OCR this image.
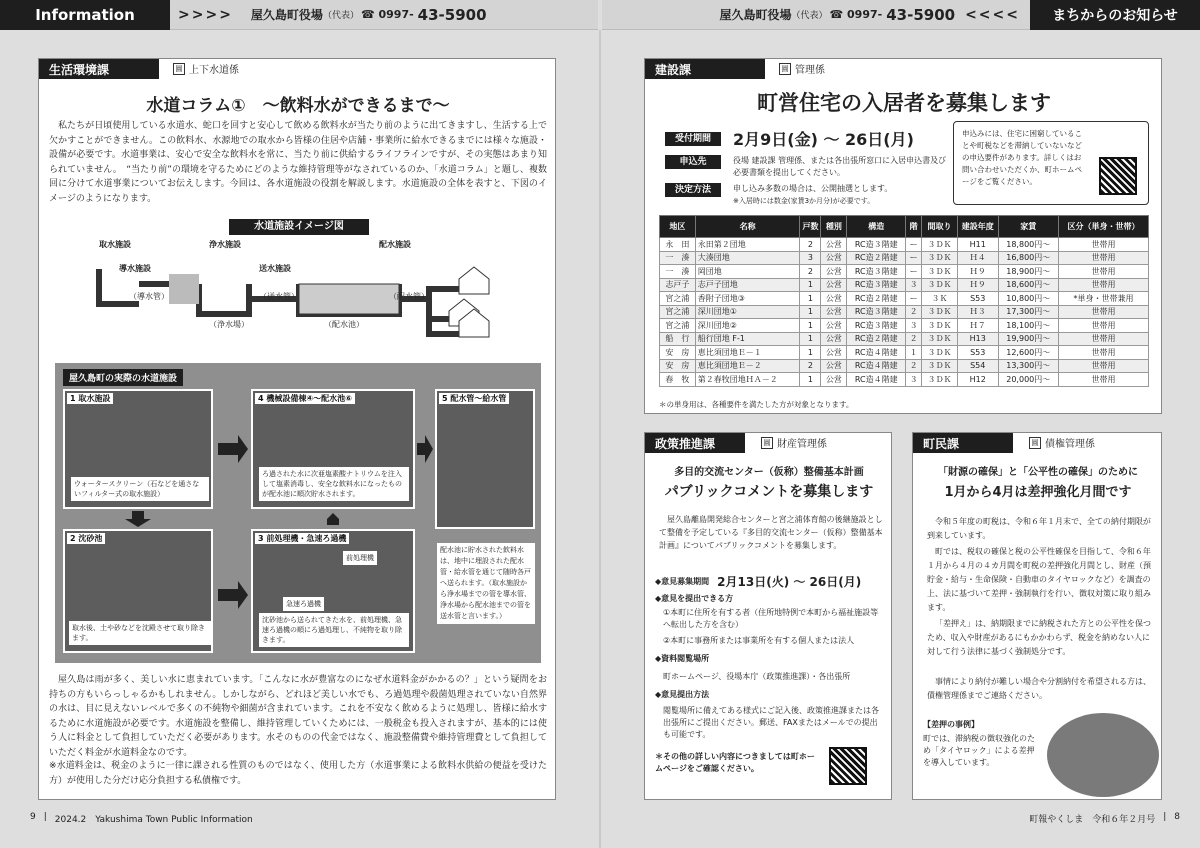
Information	>>>> 屋久島町役場 （代表） ☎ 0997- 43-5900	屋久島町役場 （代表） ☎ 0997- 43-5900 <<<<	まちからのお知らせ
生活環境課	圓 上下水道係
水道コラム①　～飲料水ができるまで～
私たちが日頃使用している水道水、蛇口を回すと安心して飲める飲料水が当たり前のように出てきますし、生活する上で欠かすことができません。この飲料水、水源地での取水から皆様の住居や店舗・事業所に給水できるまでには様々な施設・設備が必要です。水道事業は、安心で安全な飲料水を常に、当たり前に供給するライフラインですが、その実態はあまり知られていません。　“当たり前”の環境を守るためにどのような維持管理等がなされているのか、「水道コラム」と題し、複数回に分けて水道事業についてお伝えします。今回は、各水道施設の役割を解説します。水道施設の全体を表すと、下図のイメージのようになります。
水道施設イメージ図
取水施設	浄水施設	配水施設
導水施設	送水施設
（導水管）	（送水管）	（配水管）
（浄水場）	（配水池）
屋久島町の実際の水道施設
1 取水施設
ウォータースクリーン（石などを通さないフィルター式の取水施設）
4 機械設備棟④～配水池⑥
ろ過された水に次亜塩素酸ナトリウムを注入して塩素消毒し、安全な飲料水になったものが配水池に順次貯水されます。
5 配水管～給水管
2 沈砂池
取水後、土や砂などを沈殿させて取り除きます。
3 前処理機・急速ろ過機
前処理機
急速ろ過機
沈砂池から送られてきた水を、前処理機、急速ろ過機の順にろ過処理し、不純物を取り除きます。
配水池に貯水された飲料水は、地中に埋設された配水管・給水管を通じて随時各戸へ送られます。（取水施設から浄水場までの管を導水管、浄水場から配水池までの管を送水管と言います。）
屋久島は雨が多く、美しい水に恵まれています。「こんなに水が豊富なのになぜ水道料金がかかるの？」という疑問をお持ちの方もいらっしゃるかもしれません。しかしながら、どれほど美しい水でも、ろ過処理や殺菌処理されていない自然界の水は、目に見えないレベルで多くの不純物や細菌が含まれています。これを不安なく飲めるように処理し、皆様に給水するために水道施設が必要です。水道施設を整備し、維持管理していくためには、一般税金も投入されますが、基本的には使う人に料金として負担していただく必要があります。水そのものの代金ではなく、施設整備費や維持管理費として負担していただく料金が水道料金なのです。
※水道料金は、税金のように一律に課される性質のものではなく、使用した方（水道事業による飲料水供給の便益を受けた方）が使用した分だけ応分負担する私債権です。
建設課	圓 管理係
町営住宅の入居者を募集します
受付期間	2月9日(金) ～ 26日(月)
申込先	役場 建設課 管理係、または各出張所窓口に入居申込書及び必要書類を提出してください。
決定方法	申し込み多数の場合は、公開抽選とします。
※入居時には数金(家賃3か月分)が必要です。
申込みには、住宅に困窮していることや町税などを滞納していないなどの申込要件があります。詳しくはお問い合わせいただくか、町ホームページをご覧ください。
地区	名称	戸数	種別	構造	階	間取り	建設年度	家賃	区分（単身・世帯）
永　田	永田第２団地	2	公営	RC造３階建	ー	３ＤＫ	H11	18,800円～	世帯用
一　湊	大湊団地	3	公営	RC造２階建	ー	３ＤＫ	Ｈ４	16,800円～	世帯用
一　湊	岡団地	2	公営	RC造３階建	ー	３ＤＫ	Ｈ９	18,900円～	世帯用
志戸子	志戸子団地	1	公営	RC造３階建	３	３ＤＫ	Ｈ９	18,600円～	世帯用
宮之浦	香附子団地③	1	公営	RC造２階建	ー	３Ｋ	S53	10,800円～	*単身・世帯兼用
宮之浦	深川団地①	1	公営	RC造３階建	２	３ＤＫ	Ｈ３	17,300円～	世帯用
宮之浦	深川団地②	1	公営	RC造３階建	３	３ＤＫ	Ｈ７	18,100円～	世帯用
船　行	船行団地 F-1	1	公営	RC造２階建	２	３ＤＫ	H13	19,900円～	世帯用
安　房	恵比須団地Ｅ－１	1	公営	RC造４階建	１	３ＤＫ	S53	12,600円～	世帯用
安　房	恵比須団地Ｅ－２	2	公営	RC造４階建	２	３ＤＫ	S54	13,300円～	世帯用
春　牧	第２春牧団地ＨＡ－２	1	公営	RC造４階建	３	３ＤＫ	H12	20,000円～	世帯用
＊の単身用は、各種要件を満たした方が対象となります。
政策推進課	圓 財産管理係
多目的交流センター（仮称）整備基本計画
パブリックコメントを募集します
屋久島離島開発総合センターと宮之浦体育館の後継施設として整備を予定している『多目的交流センター（仮称）整備基本計画』についてパブリックコメントを募集します。
◆意見募集期間 2月13日(火) ～ 26日(月)
◆意見を提出できる方
①本町に住所を有する者（住所地特例で本町から福祉施設等へ転出した方を含む）
②本町に事務所または事業所を有する個人または法人
◆資料閲覧場所
町ホームページ、役場本庁（政策推進課）・各出張所
◆意見提出方法
閲覧場所に備えてある様式にご記入後、政策推進課または各出張所にご提出ください。郵送、FAXまたはメールでの提出も可能です。
＊その他の詳しい内容につきましては町ホームページをご確認ください。
町民課	圓 債権管理係
「財源の確保」と「公平性の確保」のために
1月から4月は差押強化月間です
令和５年度の町税は、令和６年１月末で、全ての納付期限が到来しています。
町では、税収の確保と税の公平性確保を目指して、令和６年１月から４月の４カ月間を町税の差押強化月間とし、財産（預貯金・給与・生命保険・自動車のタイヤロックなど）を調査の上、法に基づいて差押・強制執行を行い、徴収対策に取り組みます。
「差押え」は、納期限までに納税された方との公平性を保つため、収入や財産があるにもかかわらず、税金を納めない人に対して行う法律に基づく強制処分です。
事情により納付が難しい場合や分割納付を希望される方は、債権管理係までご連絡ください。
【差押の事例】
町では、滞納税の徴収強化のため「タイヤロック」による差押を導入しています。
9 | 2024.2　Yakushima Town Public Information	町報やくしま　令和６年２月号 | 8
